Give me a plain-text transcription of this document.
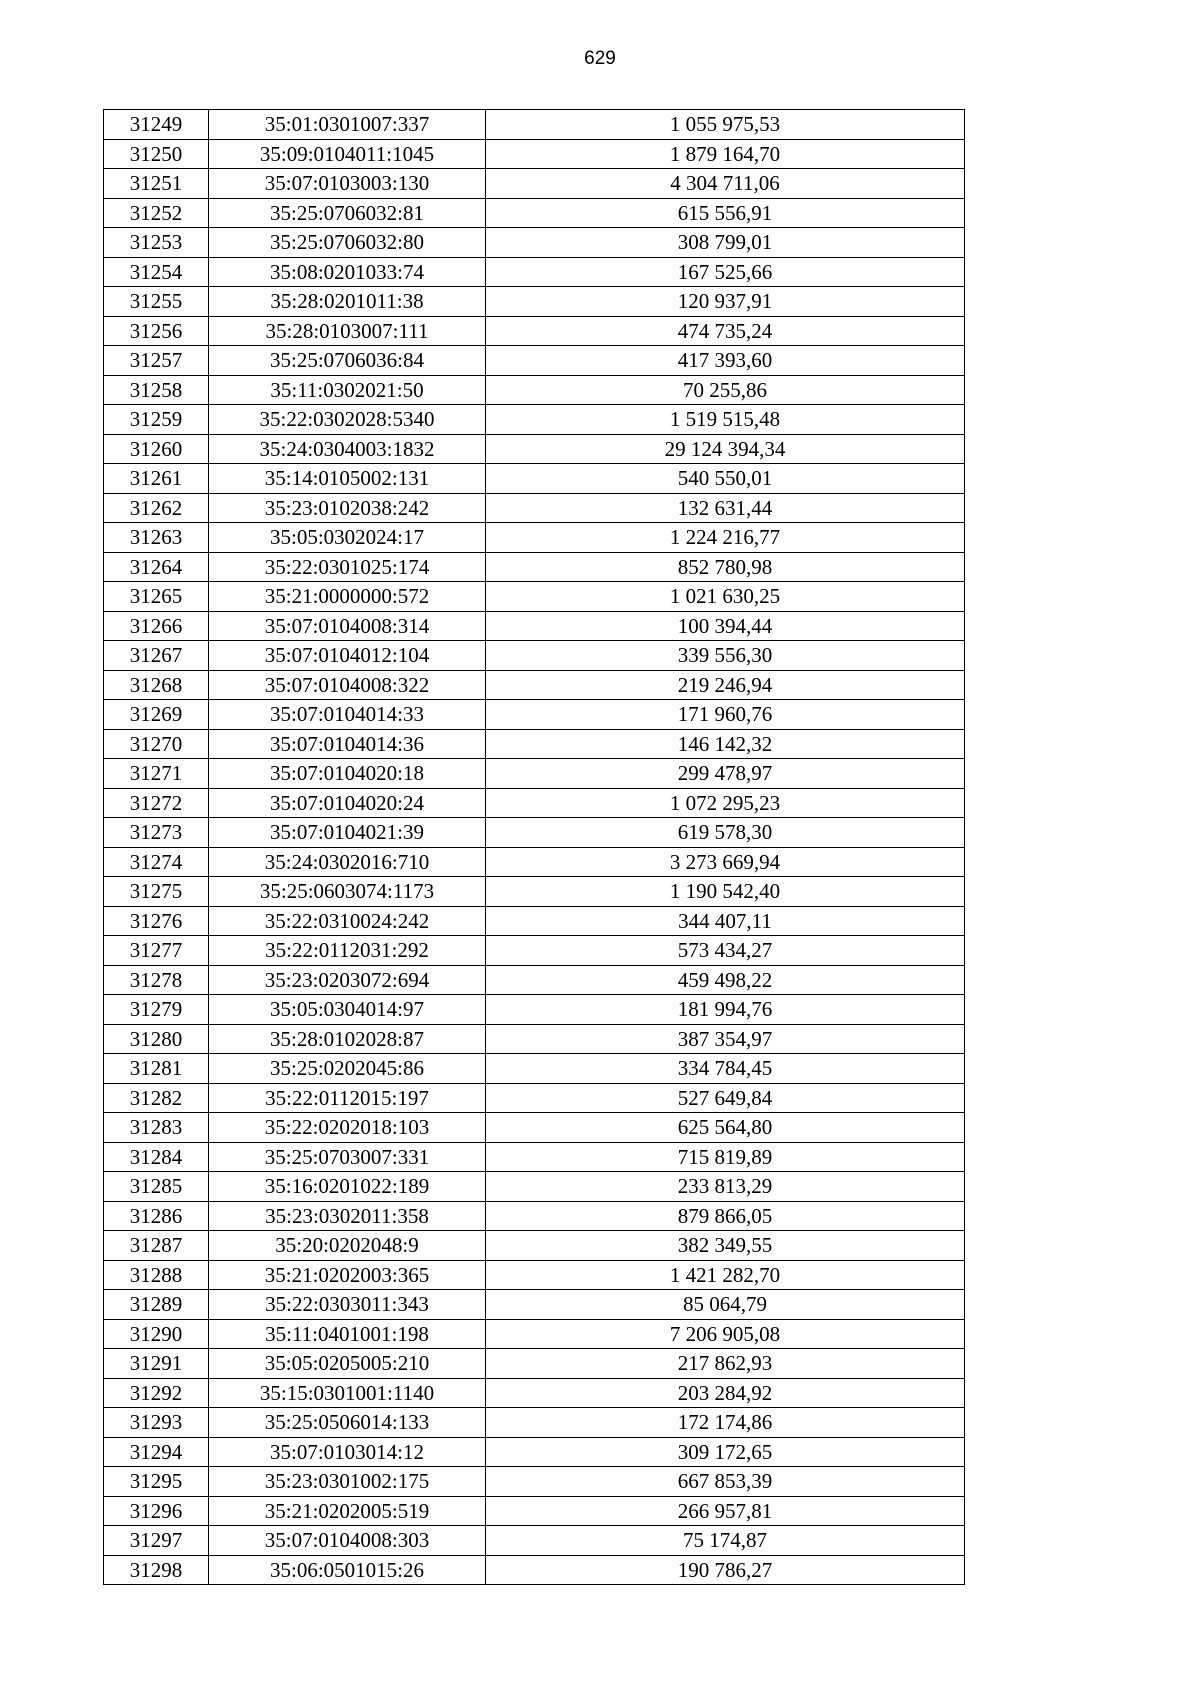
629
31249	35:01:0301007:337	1 055 975,53
31250	35:09:0104011:1045	1 879 164,70
31251	35:07:0103003:130	4 304 711,06
31252	35:25:0706032:81	615 556,91
31253	35:25:0706032:80	308 799,01
31254	35:08:0201033:74	167 525,66
31255	35:28:0201011:38	120 937,91
31256	35:28:0103007:111	474 735,24
31257	35:25:0706036:84	417 393,60
31258	35:11:0302021:50	70 255,86
31259	35:22:0302028:5340	1 519 515,48
31260	35:24:0304003:1832	29 124 394,34
31261	35:14:0105002:131	540 550,01
31262	35:23:0102038:242	132 631,44
31263	35:05:0302024:17	1 224 216,77
31264	35:22:0301025:174	852 780,98
31265	35:21:0000000:572	1 021 630,25
31266	35:07:0104008:314	100 394,44
31267	35:07:0104012:104	339 556,30
31268	35:07:0104008:322	219 246,94
31269	35:07:0104014:33	171 960,76
31270	35:07:0104014:36	146 142,32
31271	35:07:0104020:18	299 478,97
31272	35:07:0104020:24	1 072 295,23
31273	35:07:0104021:39	619 578,30
31274	35:24:0302016:710	3 273 669,94
31275	35:25:0603074:1173	1 190 542,40
31276	35:22:0310024:242	344 407,11
31277	35:22:0112031:292	573 434,27
31278	35:23:0203072:694	459 498,22
31279	35:05:0304014:97	181 994,76
31280	35:28:0102028:87	387 354,97
31281	35:25:0202045:86	334 784,45
31282	35:22:0112015:197	527 649,84
31283	35:22:0202018:103	625 564,80
31284	35:25:0703007:331	715 819,89
31285	35:16:0201022:189	233 813,29
31286	35:23:0302011:358	879 866,05
31287	35:20:0202048:9	382 349,55
31288	35:21:0202003:365	1 421 282,70
31289	35:22:0303011:343	85 064,79
31290	35:11:0401001:198	7 206 905,08
31291	35:05:0205005:210	217 862,93
31292	35:15:0301001:1140	203 284,92
31293	35:25:0506014:133	172 174,86
31294	35:07:0103014:12	309 172,65
31295	35:23:0301002:175	667 853,39
31296	35:21:0202005:519	266 957,81
31297	35:07:0104008:303	75 174,87
31298	35:06:0501015:26	190 786,27
